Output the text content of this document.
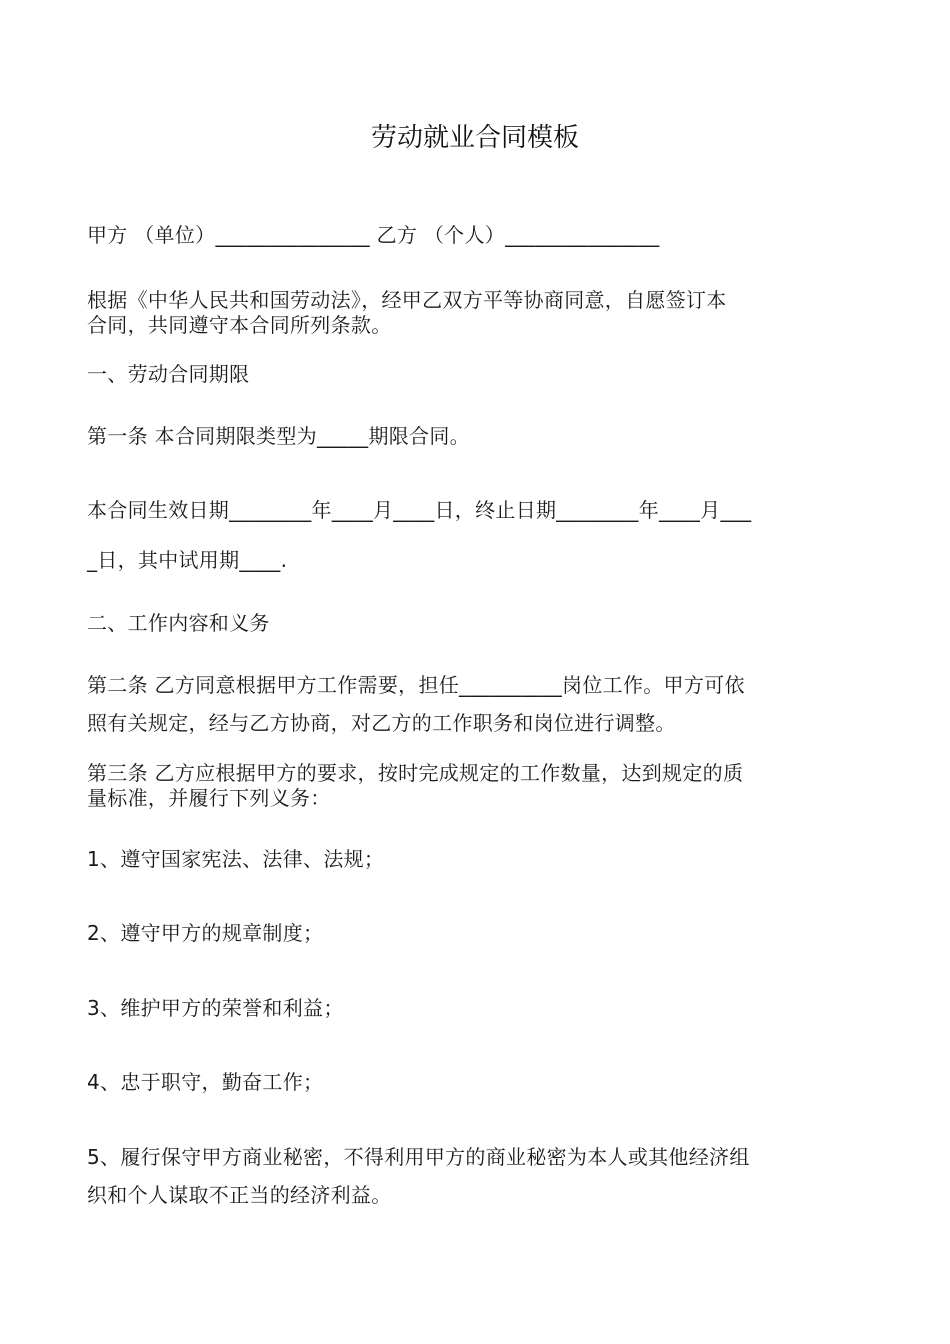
劳动就业合同模板
甲方 （单位）_______________ 乙方 （个人）_______________
根据《中华人民共和国劳动法》，经甲乙双方平等协商同意，自愿签订本
合同，共同遵守本合同所列条款。
一、劳动合同期限
第一条 本合同期限类型为_____期限合同。
本合同生效日期________年____月____日，终止日期________年____月___
_日，其中试用期____.
二、工作内容和义务
第二条 乙方同意根据甲方工作需要，担任__________岗位工作。甲方可依
照有关规定，经与乙方协商，对乙方的工作职务和岗位进行调整。
第三条 乙方应根据甲方的要求，按时完成规定的工作数量，达到规定的质
量标准，并履行下列义务：
1、遵守国家宪法、法律、法规；
2、遵守甲方的规章制度；
3、维护甲方的荣誉和利益；
4、忠于职守，勤奋工作；
5、履行保守甲方商业秘密，不得利用甲方的商业秘密为本人或其他经济组
织和个人谋取不正当的经济利益。
